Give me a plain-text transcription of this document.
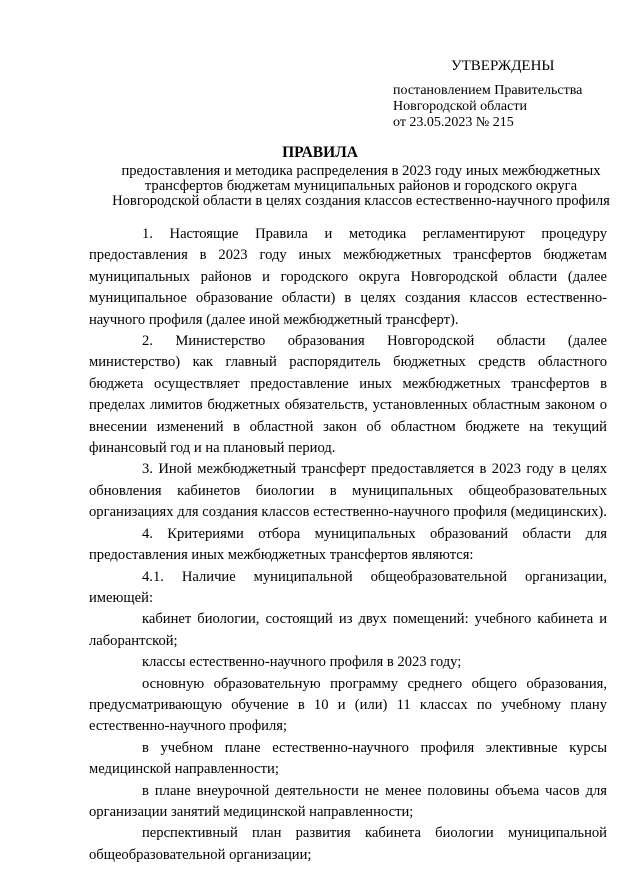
УТВЕРЖДЕНЫ
постановлением Правительства
Новгородской области
от 23.05.2023 № 215
ПРАВИЛА
предоставления и методика распределения в 2023 году иных межбюджетных
трансфертов бюджетам муниципальных районов и городского округа
Новгородской области в целях создания классов естественно-научного профиля

1. Настоящие Правила и методика регламентируют процедуру предоставления в 2023 году иных межбюджетных трансфертов бюджетам муниципальных районов и городского округа Новгородской области (далее муниципальное образование области) в целях создания классов естественно-научного профиля (далее иной межбюджетный трансферт).

2. Министерство образования Новгородской области (далее министерство) как главный распорядитель бюджетных средств областного бюджета осуществляет предоставление иных межбюджетных трансфертов в пределах лимитов бюджетных обязательств, установленных областным законом о внесении изменений в областной закон об областном бюджете на текущий финансовый год и на плановый период.

3. Иной межбюджетный трансферт предоставляется в 2023 году в целях обновления кабинетов биологии в муниципальных общеобразовательных организациях для создания классов естественно-научного профиля (медицинских).

4. Критериями отбора муниципальных образований области для предоставления иных межбюджетных трансфертов являются:

4.1. Наличие муниципальной общеобразовательной организации, имеющей:

кабинет биологии, состоящий из двух помещений: учебного кабинета и лаборантской;

классы естественно-научного профиля в 2023 году;

основную образовательную программу среднего общего образования, предусматривающую обучение в 10 и (или) 11 классах по учебному плану естественно-научного профиля;

в учебном плане естественно-научного профиля элективные курсы медицинской направленности;

в плане внеурочной деятельности не менее половины объема часов для организации занятий медицинской направленности;

перспективный план развития кабинета биологии муниципальной общеобразовательной организации;
